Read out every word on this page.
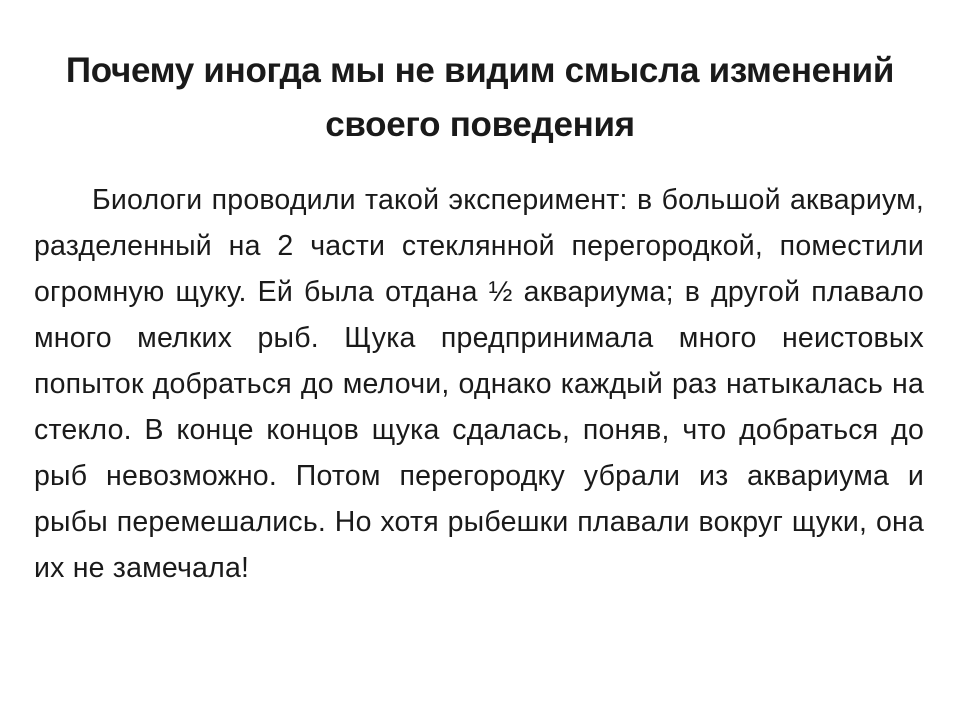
Почему иногда мы не видим смысла изменений своего поведения

Биологи проводили такой эксперимент: в большой аквариум, разделенный на 2 части стеклянной перегородкой, поместили огромную щуку. Ей была отдана ½ аквариума; в другой плавало много мелких рыб. Щука предпринимала много неистовых попыток добраться до мелочи, однако каждый раз натыкалась на стекло. В конце концов щука сдалась, поняв, что добраться до рыб невозможно. Потом перегородку убрали из аквариума и рыбы перемешались. Но хотя рыбешки плавали вокруг щуки, она их не замечала!
